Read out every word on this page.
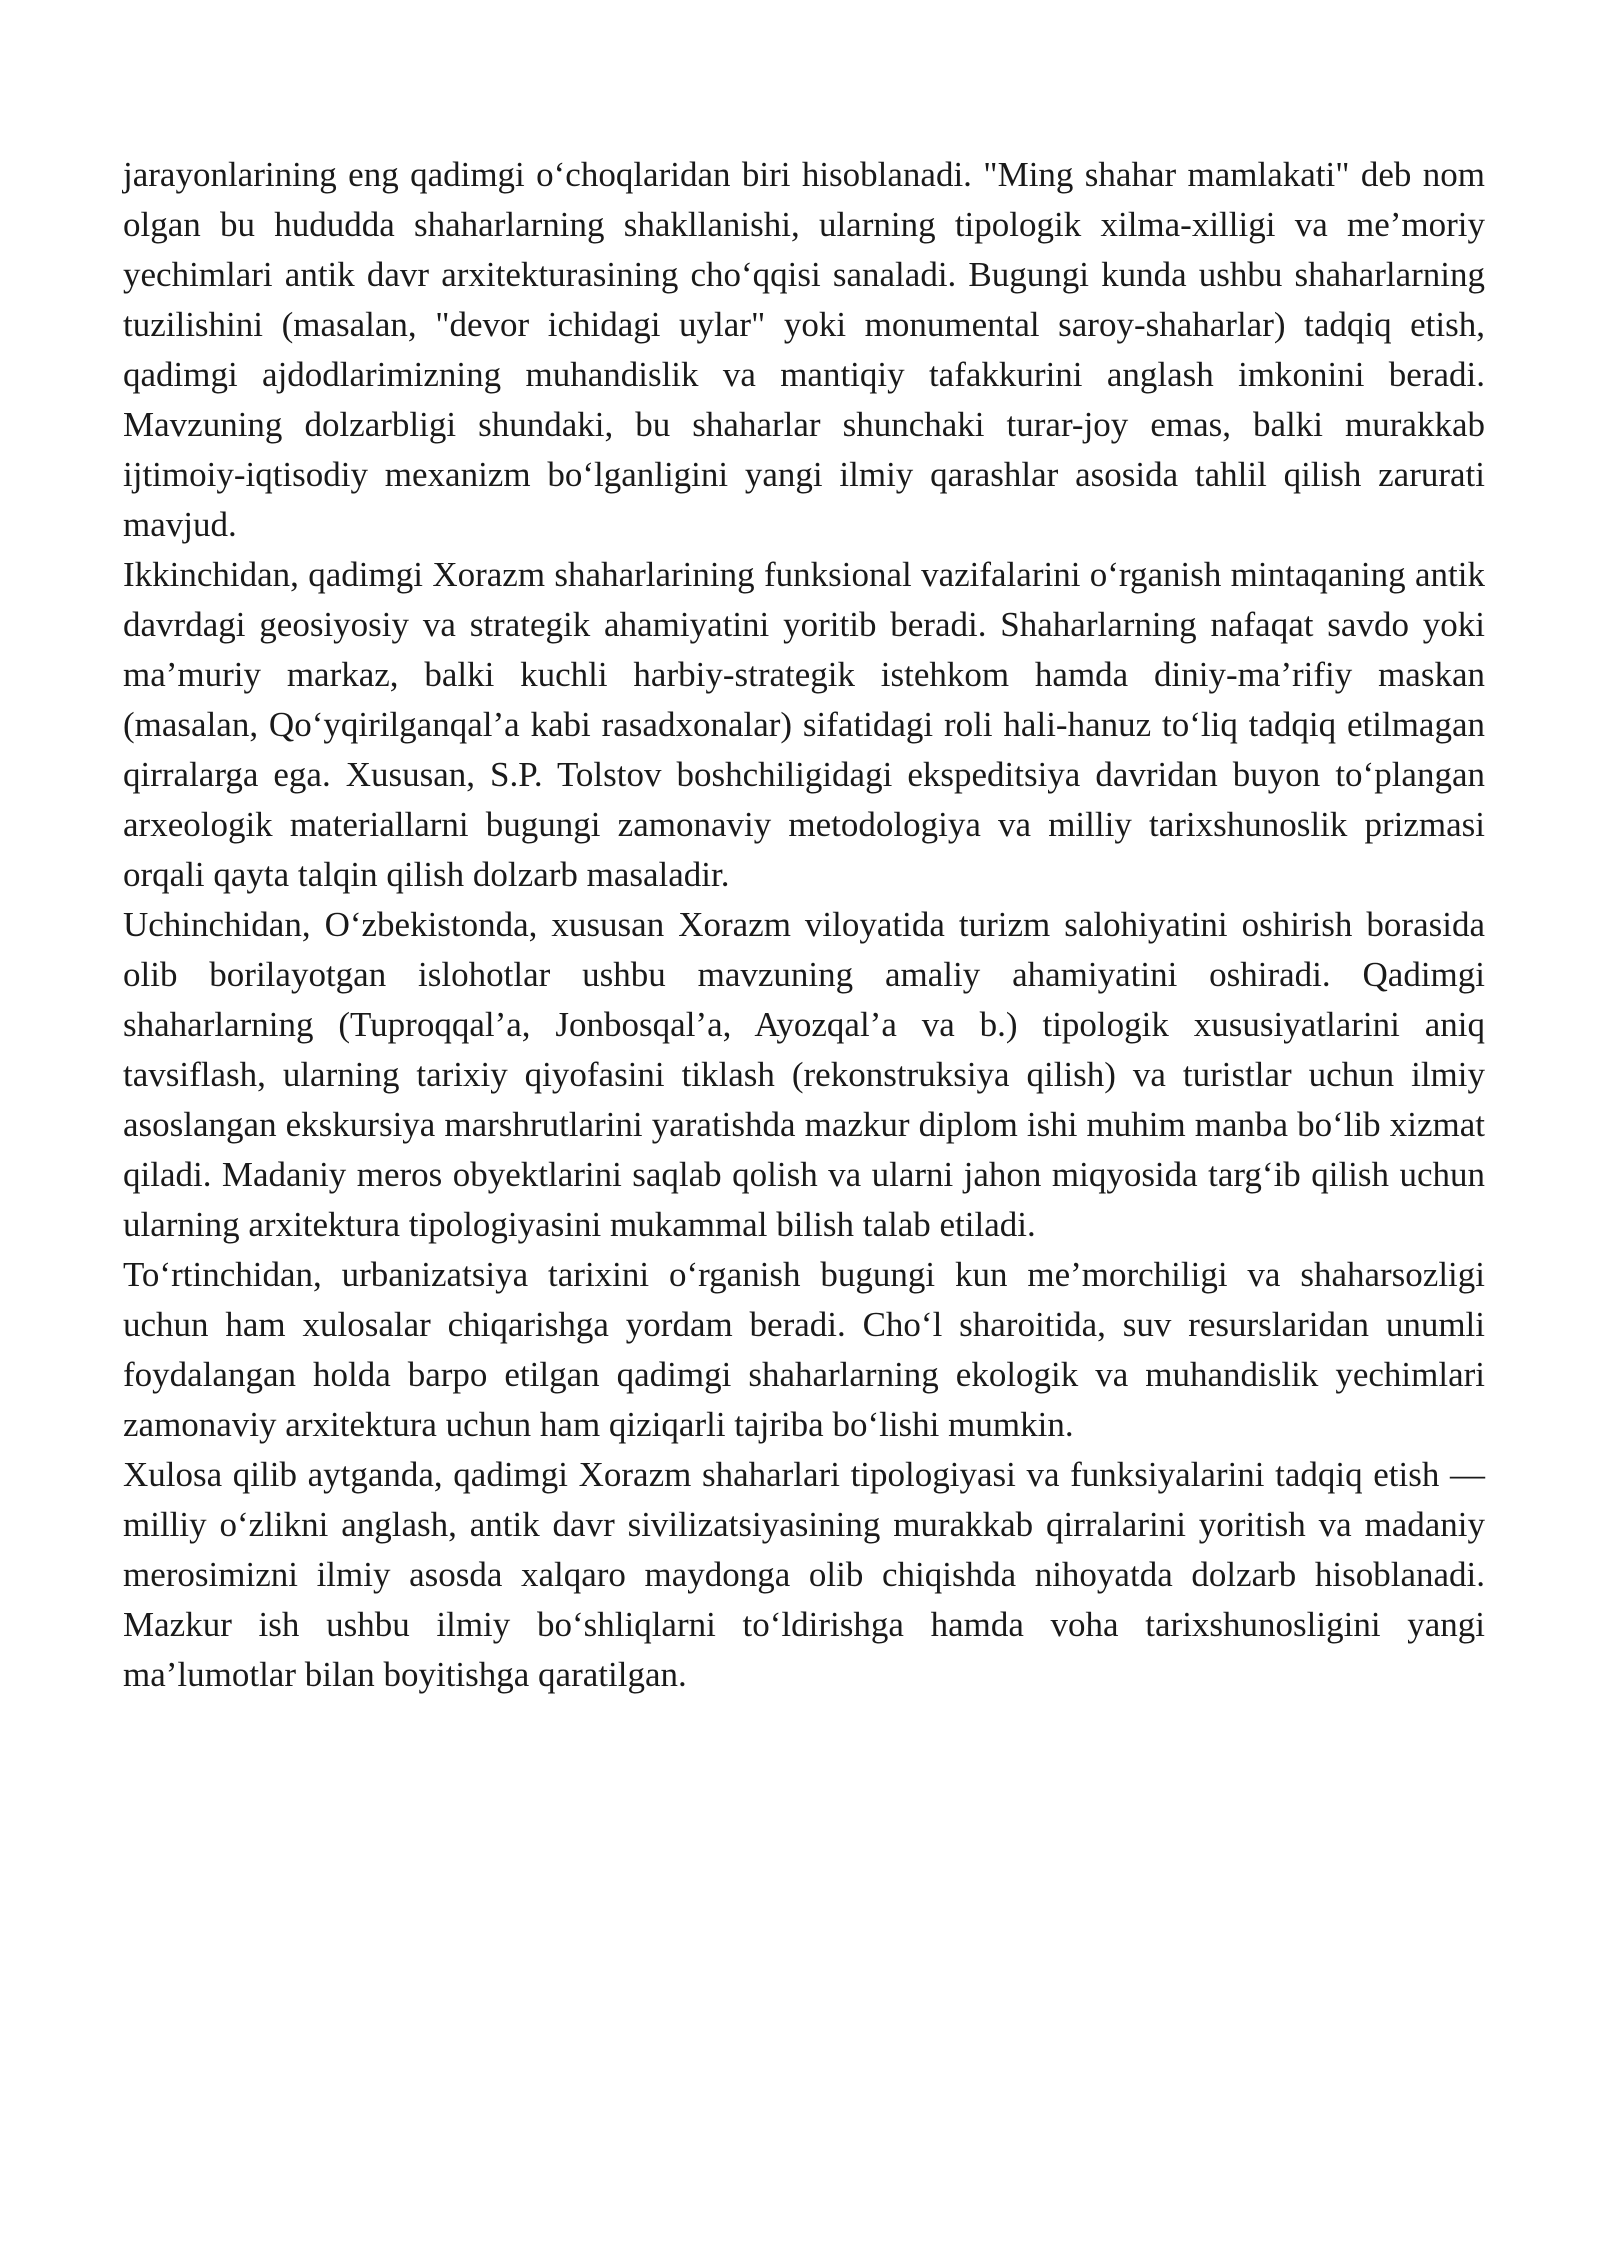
jarayonlarining eng qadimgi o‘choqlaridan biri hisoblanadi. "Ming shahar mamlakati" deb nom olgan bu hududda shaharlarning shakllanishi, ularning tipologik xilma-xilligi va me’moriy yechimlari antik davr arxitekturasining cho‘qqisi sanaladi. Bugungi kunda ushbu shaharlarning tuzilishini (masalan, "devor ichidagi uylar" yoki monumental saroy-shaharlar) tadqiq etish, qadimgi ajdodlarimizning muhandislik va mantiqiy tafakkurini anglash imkonini beradi. Mavzuning dolzarbligi shundaki, bu shaharlar shunchaki turar-joy emas, balki murakkab ijtimoiy-iqtisodiy mexanizm bo‘lganligini yangi ilmiy qarashlar asosida tahlil qilish zarurati mavjud.

Ikkinchidan, qadimgi Xorazm shaharlarining funksional vazifalarini o‘rganish mintaqaning antik davrdagi geosiyosiy va strategik ahamiyatini yoritib beradi. Shaharlarning nafaqat savdo yoki ma’muriy markaz, balki kuchli harbiy-strategik istehkom hamda diniy-ma’rifiy maskan (masalan, Qo‘yqirilganqal’a kabi rasadxonalar) sifatidagi roli hali-hanuz to‘liq tadqiq etilmagan qirralarga ega. Xususan, S.P. Tolstov boshchiligidagi ekspeditsiya davridan buyon to‘plangan arxeologik materiallarni bugungi zamonaviy metodologiya va milliy tarixshunoslik prizmasi orqali qayta talqin qilish dolzarb masaladir.

Uchinchidan, O‘zbekistonda, xususan Xorazm viloyatida turizm salohiyatini oshirish borasida olib borilayotgan islohotlar ushbu mavzuning amaliy ahamiyatini oshiradi. Qadimgi shaharlarning (Tuproqqal’a, Jonbosqal’a, Ayozqal’a va b.) tipologik xususiyatlarini aniq tavsiflash, ularning tarixiy qiyofasini tiklash (rekonstruksiya qilish) va turistlar uchun ilmiy asoslangan ekskursiya marshrutlarini yaratishda mazkur diplom ishi muhim manba bo‘lib xizmat qiladi. Madaniy meros obyektlarini saqlab qolish va ularni jahon miqyosida targ‘ib qilish uchun ularning arxitektura tipologiyasini mukammal bilish talab etiladi.

To‘rtinchidan, urbanizatsiya tarixini o‘rganish bugungi kun me’morchiligi va shaharsozligi uchun ham xulosalar chiqarishga yordam beradi. Cho‘l sharoitida, suv resurslaridan unumli foydalangan holda barpo etilgan qadimgi shaharlarning ekologik va muhandislik yechimlari zamonaviy arxitektura uchun ham qiziqarli tajriba bo‘lishi mumkin.

Xulosa qilib aytganda, qadimgi Xorazm shaharlari tipologiyasi va funksiyalarini tadqiq etish — milliy o‘zlikni anglash, antik davr sivilizatsiyasining murakkab qirralarini yoritish va madaniy merosimizni ilmiy asosda xalqaro maydonga olib chiqishda nihoyatda dolzarb hisoblanadi. Mazkur ish ushbu ilmiy bo‘shliqlarni to‘ldirishga hamda voha tarixshunosligini yangi ma’lumotlar bilan boyitishga qaratilgan.
